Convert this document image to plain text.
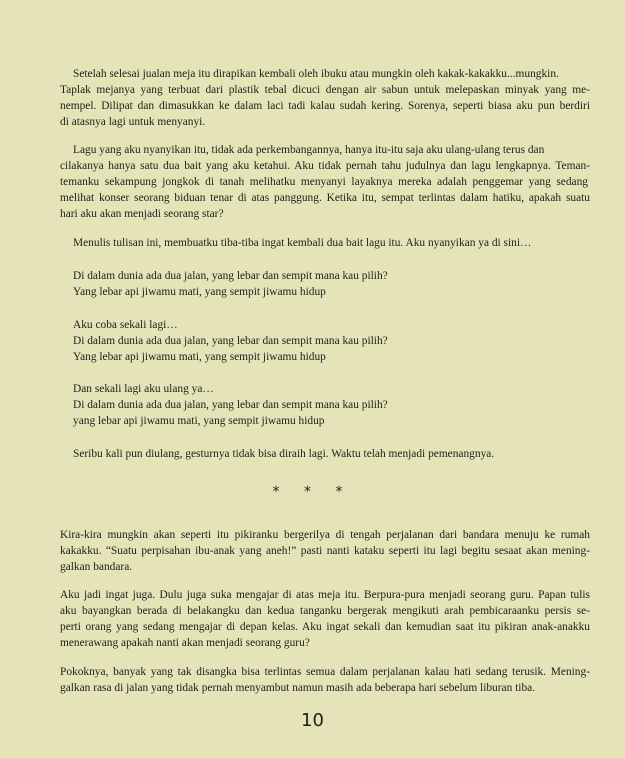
Setelah selesai jualan meja itu dirapikan kembali oleh ibuku atau mungkin oleh kakak-kakakku...mungkin.
Taplak mejanya yang terbuat dari plastik tebal dicuci dengan air sabun untuk melepaskan minyak yang me-
nempel. Dilipat dan dimasukkan ke dalam laci tadi kalau sudah kering. Sorenya, seperti biasa aku pun berdiri
di atasnya lagi untuk menyanyi.
Lagu yang aku nyanyikan itu, tidak ada perkembangannya, hanya itu-itu saja aku ulang-ulang terus dan
cilakanya hanya satu dua bait yang aku ketahui. Aku tidak pernah tahu judulnya dan lagu lengkapnya. Teman-
temanku sekampung jongkok di tanah melihatku menyanyi layaknya mereka adalah penggemar yang sedang
melihat konser seorang biduan tenar di atas panggung. Ketika itu, sempat terlintas dalam hatiku, apakah suatu
hari aku akan menjadi seorang star?
Menulis tulisan ini, membuatku tiba-tiba ingat kembali dua bait lagu itu. Aku nyanyikan ya di sini…
Di dalam dunia ada dua jalan, yang lebar dan sempit mana kau pilih?
Yang lebar api jiwamu mati, yang sempit jiwamu hidup
Aku coba sekali lagi…
Di dalam dunia ada dua jalan, yang lebar dan sempit mana kau pilih?
Yang lebar api jiwamu mati, yang sempit jiwamu hidup
Dan sekali lagi aku ulang ya…
Di dalam dunia ada dua jalan, yang lebar dan sempit mana kau pilih?
yang lebar api jiwamu mati, yang sempit jiwamu hidup
Seribu kali pun diulang, gesturnya tidak bisa diraih lagi. Waktu telah menjadi pemenangnya.
* * *
Kira-kira mungkin akan seperti itu pikiranku bergerilya di tengah perjalanan dari bandara menuju ke rumah
kakakku. “Suatu perpisahan ibu-anak yang aneh!” pasti nanti kataku seperti itu lagi begitu sesaat akan mening-
galkan bandara.
Aku jadi ingat juga. Dulu juga suka mengajar di atas meja itu. Berpura-pura menjadi seorang guru. Papan tulis
aku bayangkan berada di belakangku dan kedua tanganku bergerak mengikuti arah pembicaraanku persis se-
perti orang yang sedang mengajar di depan kelas. Aku ingat sekali dan kemudian saat itu pikiran anak-anakku
menerawang apakah nanti akan menjadi seorang guru?
Pokoknya, banyak yang tak disangka bisa terlintas semua dalam perjalanan kalau hati sedang terusik. Mening-
galkan rasa di jalan yang tidak pernah menyambut namun masih ada beberapa hari sebelum liburan tiba.
10
